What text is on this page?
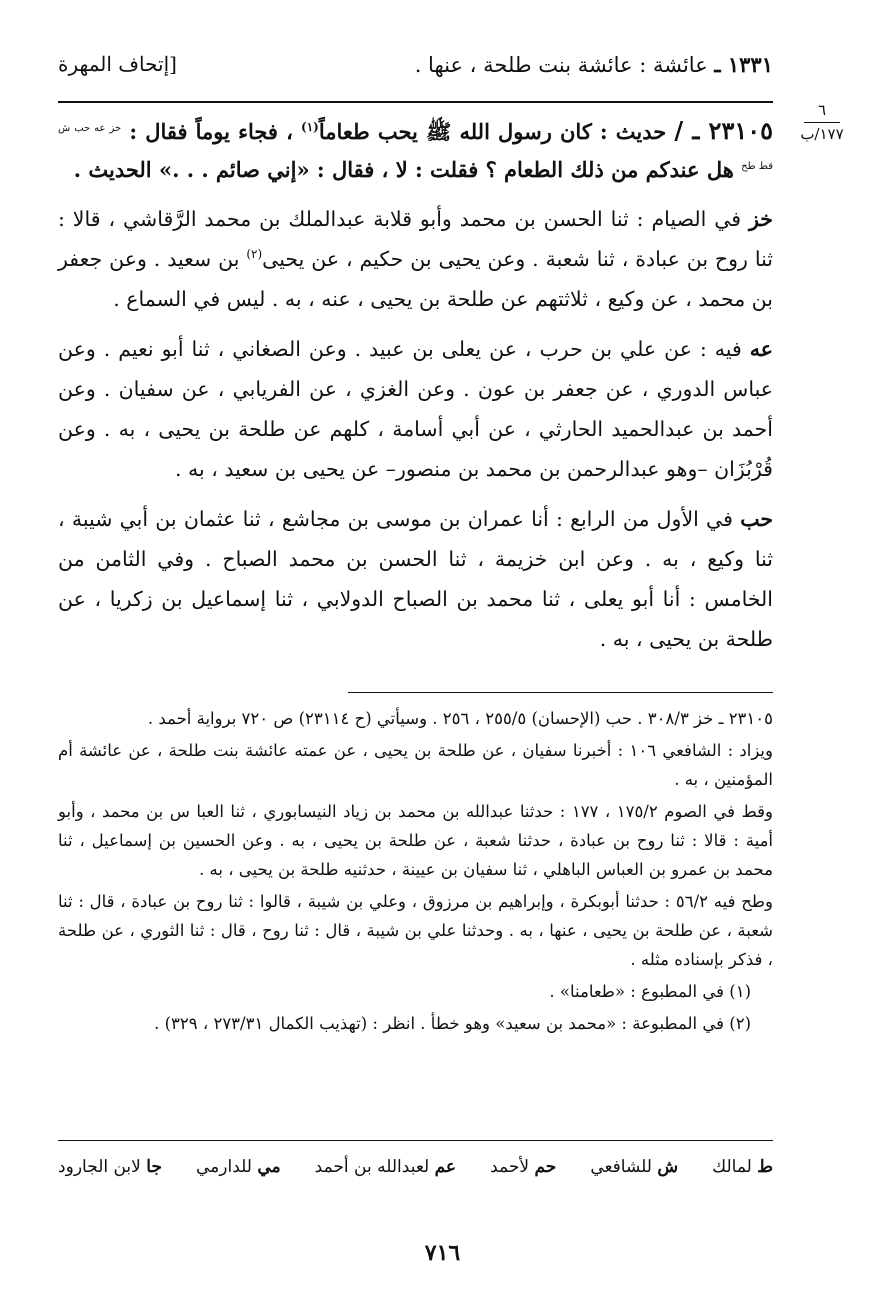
١٣٣١ ـ عائشة : عائشة بنت طلحة ، عنها .
[إتحاف المهرة
٦
١٧٧/ب

٢٣١٠٥ ـ / حديث : كان رسول الله ﷺ يحب طعاماً$^{(١)}$ ، فجاء يوماً فقال : $^{خز عه حب ش قط طح}$ هل عندكم من ذلك الطعام ؟ فقلت : لا ، فقال : «إني صائم . . .» الحديث .

خز في الصيام : ثنا الحسن بن محمد وأبو قلابة عبدالملك بن محمد الرَّقاشي ، قالا : ثنا روح بن عبادة ، ثنا شعبة . وعن يحيى بن حكيم ، عن يحيى$^{(٢)}$ بن سعيد . وعن جعفر بن محمد ، عن وكيع ، ثلاثتهم عن طلحة بن يحيى ، عنه ، به . ليس في السماع .

عه فيه : عن علي بن حرب ، عن يعلى بن عبيد . وعن الصغاني ، ثنا أبو نعيم . وعن عباس الدوري ، عن جعفر بن عون . وعن الغزي ، عن الفريابي ، عن سفيان . وعن أحمد بن عبدالحميد الحارثي ، عن أبي أسامة ، كلهم عن طلحة بن يحيى ، به . وعن قُرْبُزَان –وهو عبدالرحمن بن محمد بن منصور– عن يحيى بن سعيد ، به .

حب في الأول من الرابع : أنا عمران بن موسى بن مجاشع ، ثنا عثمان بن أبي شيبة ، ثنا وكيع ، به . وعن ابن خزيمة ، ثنا الحسن بن محمد الصباح . وفي الثامن من الخامس : أنا أبو يعلى ، ثنا محمد بن الصباح الدولابي ، ثنا إسماعيل بن زكريا ، عن طلحة بن يحيى ، به .

٢٣١٠٥ ـ خز ٣٠٨/٣ . حب (الإحسان) ٢٥٥/٥ ، ٢٥٦ . وسيأتي (ح ٢٣١١٤) ص ٧٢٠ برواية أحمد .

ويزاد : الشافعي ١٠٦ : أخبرنا سفيان ، عن طلحة بن يحيى ، عن عمته عائشة بنت طلحة ، عن عائشة أم المؤمنين ، به .

وقط في الصوم ١٧٥/٢ ، ١٧٧ : حدثنا عبدالله بن محمد بن زياد النيسابوري ، ثنا العبا س بن محمد ، وأبو أمية : قالا : ثنا روح بن عبادة ، حدثنا شعبة ، عن طلحة بن يحيى ، به . وعن الحسين بن إسماعيل ، ثنا محمد بن عمرو بن العباس الباهلي ، ثنا سفيان بن عيينة ، حدثنيه طلحة بن يحيى ، به .

وطح فيه ٥٦/٢ : حدثنا أبوبكرة ، وإبراهيم بن مرزوق ، وعلي بن شيبة ، قالوا : ثنا روح بن عبادة ، قال : ثنا شعبة ، عن طلحة بن يحيى ، عنها ، به . وحدثنا علي بن شيبة ، قال : ثنا روح ، قال : ثنا الثوري ، عن طلحة ، فذكر بإسناده مثله .

(١) في المطبوع : «طعامنا» .

(٢) في المطبوعة : «محمد بن سعيد» وهو خطأ . انظر : (تهذيب الكمال ٢٧٣/٣١ ، ٣٢٩) .

ط لمالك
ش للشافعي
حم لأحمد
عم لعبدالله بن أحمد
مي للدارمي
جا لابن الجارود
٧١٦
